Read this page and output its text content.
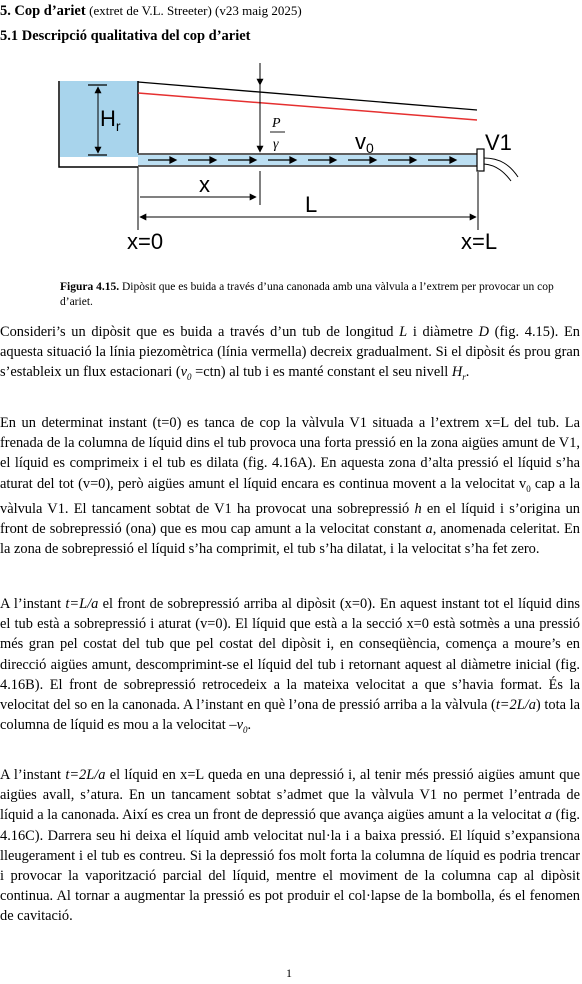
5. Cop d’ariet (extret de V.L. Streeter) (v23 maig 2025)
5.1 Descripció qualitativa del cop d’ariet
$H_r$	P
γ	v0	V1
x
L
x=0	x=L
Figura 4.15. Dipòsit que es buida a través d’una canonada amb una vàlvula a l’extrem per provocar un cop d’ariet.
Consideri’s un dipòsit que es buida a través d’un tub de longitud L i diàmetre D (fig. 4.15). En aquesta situació la línia piezomètrica (línia vermella) decreix gradualment. Si el dipòsit és prou gran s’estableix un flux estacionari $(v_0 =ctn)$ al tub i es manté constant el seu nivell $H_r$.
En un determinat instant (t=0) es tanca de cop la vàlvula V1 situada a l’extrem x=L del tub. La frenada de la columna de líquid dins el tub provoca una forta pressió en la zona aigües amunt de V1, el líquid es comprimeix i el tub es dilata (fig. 4.16A). En aquesta zona d’alta pressió el líquid s’ha aturat del tot (v=0), però aigües amunt el líquid encara es continua movent a la velocitat $v_0$ cap a la vàlvula V1. El tancament sobtat de V1 ha provocat una sobrepressió h en el líquid i s’origina un front de sobrepressió (ona) que es mou cap amunt a la velocitat constant a, anomenada celeritat. En la zona de sobrepressió el líquid s’ha comprimit, el tub s’ha dilatat, i la velocitat s’ha fet zero.
A l’instant t=L/a el front de sobrepressió arriba al dipòsit (x=0). En aquest instant tot el líquid dins el tub està a sobrepressió i aturat (v=0). El líquid que està a la secció x=0 està sotmès a una pressió més gran pel costat del tub que pel costat del dipòsit i, en conseqüència, comença a moure’s en direcció aigües amunt, descomprimint-se el líquid del tub i retornant aquest al diàmetre inicial (fig. 4.16B). El front de sobrepressió retrocedeix a la mateixa velocitat a que s’havia format. És la velocitat del so en la canonada. A l’instant en què l’ona de pressió arriba a la vàlvula (t=2L/a) tota la columna de líquid es mou a la velocitat $-v_0$.
A l’instant t=2L/a el líquid en x=L queda en una depressió i, al tenir més pressió aigües amunt que aigües avall, s’atura. En un tancament sobtat s’admet que la vàlvula V1 no permet l’entrada de líquid a la canonada. Així es crea un front de depressió que avança aigües amunt a la velocitat a (fig. 4.16C). Darrera seu hi deixa el líquid amb velocitat nul·la i a baixa pressió. El líquid s’expansiona lleugerament i el tub es contreu. Si la depressió fos molt forta la columna de líquid es podria trencar i provocar la vaporització parcial del líquid, mentre el moviment de la columna cap al dipòsit continua. Al tornar a augmentar la pressió es pot produir el col·lapse de la bombolla, és el fenomen de cavitació.
1
